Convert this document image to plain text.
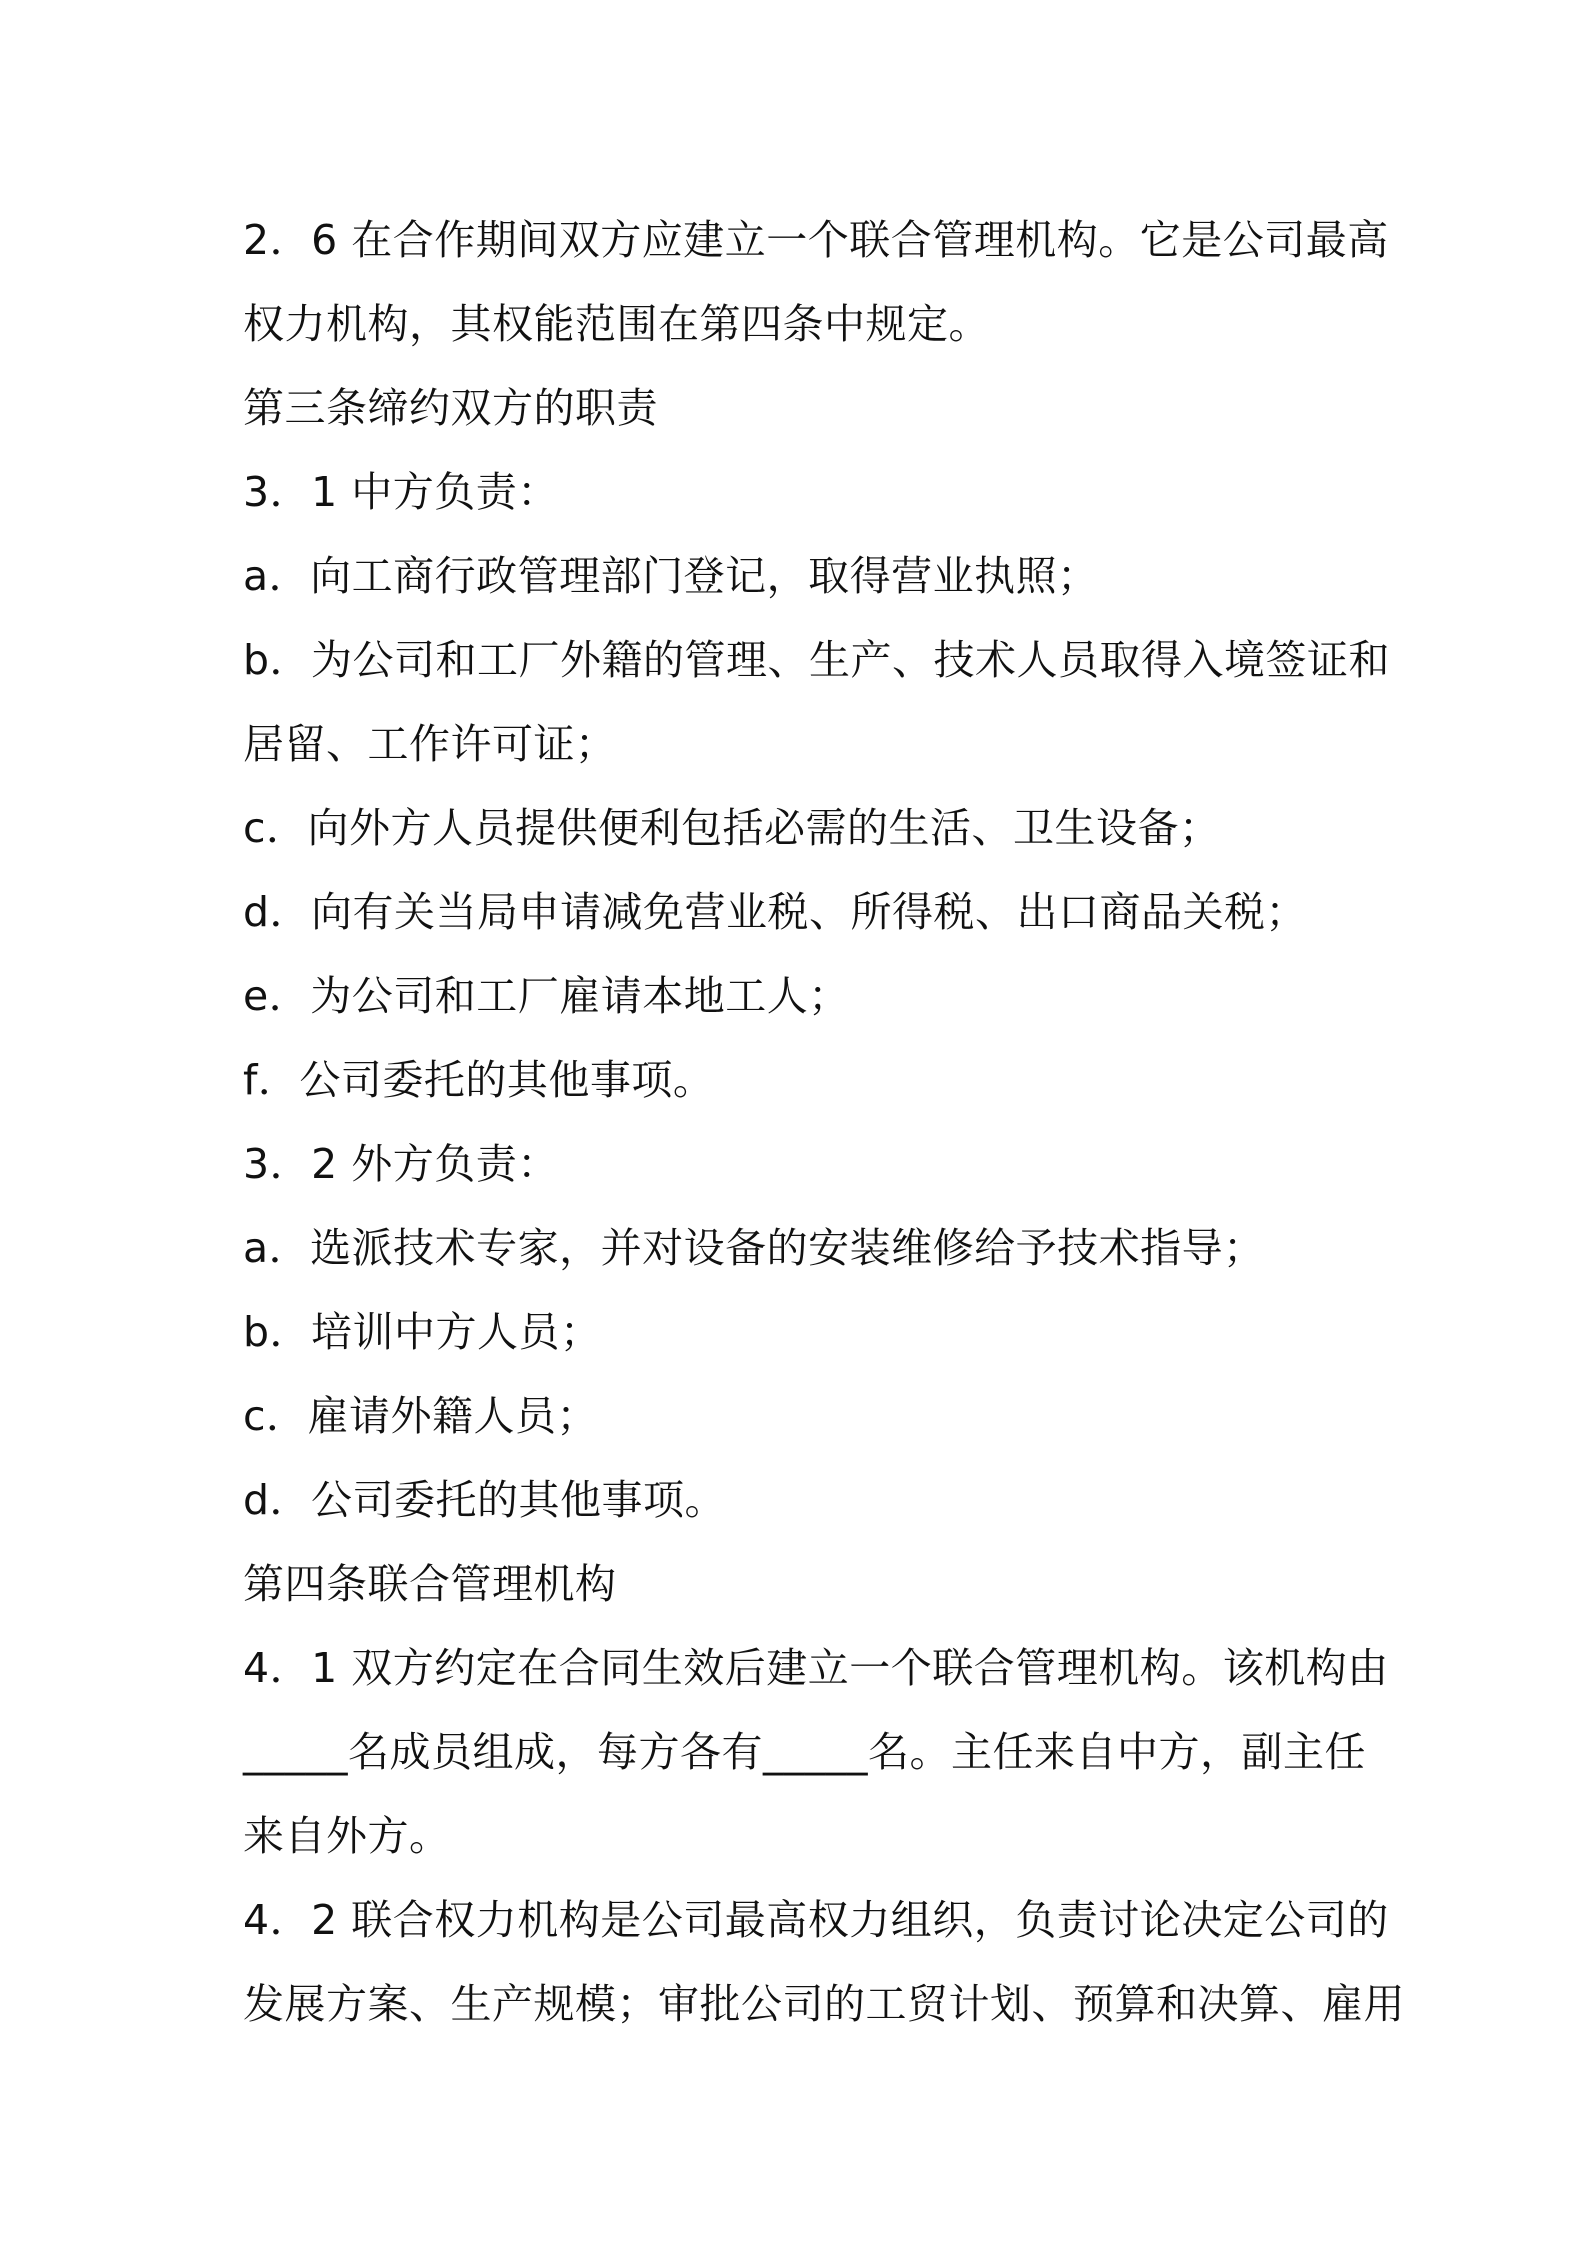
2．6 在合作期间双方应建立一个联合管理机构。它是公司最高

权力机构，其权能范围在第四条中规定。

第三条缔约双方的职责

3．1 中方负责：

a．向工商行政管理部门登记，取得营业执照；

b．为公司和工厂外籍的管理、生产、技术人员取得入境签证和

居留、工作许可证；

c．向外方人员提供便利包括必需的生活、卫生设备；

d．向有关当局申请减免营业税、所得税、出口商品关税；

e．为公司和工厂雇请本地工人；

f．公司委托的其他事项。

3．2 外方负责：

a．选派技术专家，并对设备的安装维修给予技术指导；

b．培训中方人员；

c．雇请外籍人员；

d．公司委托的其他事项。

第四条联合管理机构

4．1 双方约定在合同生效后建立一个联合管理机构。该机构由

_____名成员组成，每方各有_____名。主任来自中方，副主任

来自外方。

4．2 联合权力机构是公司最高权力组织，负责讨论决定公司的

发展方案、生产规模；审批公司的工贸计划、预算和决算、雇用
